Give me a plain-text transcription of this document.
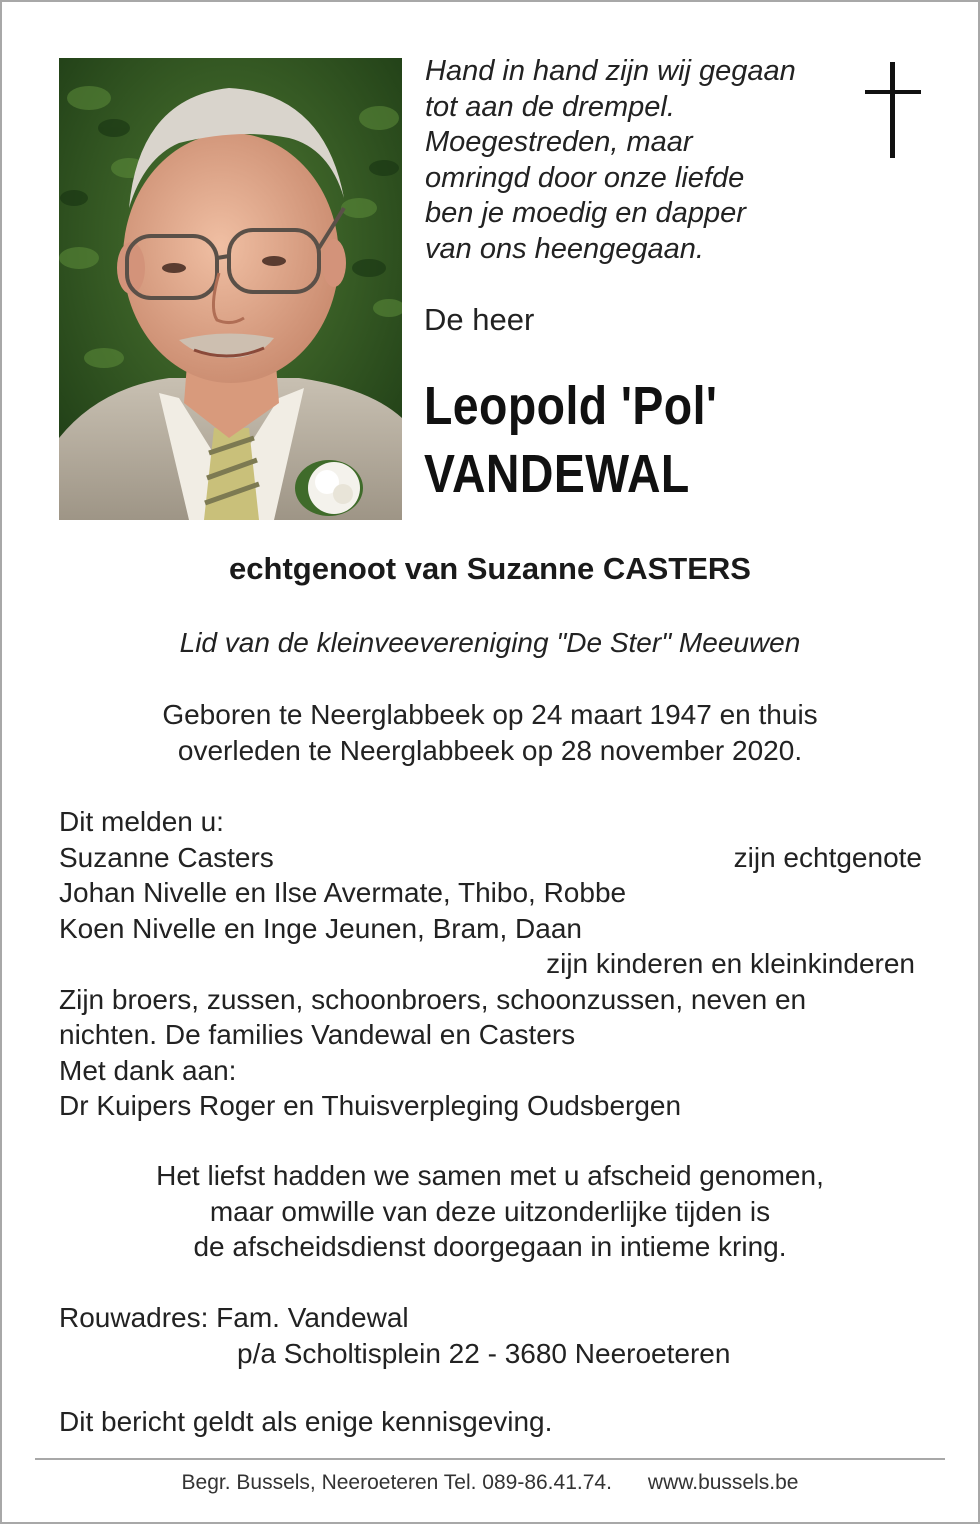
Hand in hand zijn wij gegaan
tot aan de drempel.
Moegestreden, maar
omringd door onze liefde
ben je moedig en dapper
van ons heengegaan.
De heer
Leopold 'Pol'
VANDEWAL
echtgenoot van Suzanne CASTERS
Lid van de kleinveevereniging "De Ster" Meeuwen
Geboren te Neerglabbeek op 24 maart 1947 en thuis
overleden te Neerglabbeek op 28 november 2020.
Dit melden u:
Suzanne Casters	zijn echtgenote
Johan Nivelle en Ilse Avermate, Thibo, Robbe
Koen Nivelle en Inge Jeunen, Bram, Daan
zijn kinderen en kleinkinderen
Zijn broers, zussen, schoonbroers, schoonzussen, neven en
nichten. De families Vandewal en Casters
Met dank aan:
Dr Kuipers Roger en Thuisverpleging Oudsbergen
Het liefst hadden we samen met u afscheid genomen,
maar omwille van deze uitzonderlijke tijden is
de afscheidsdienst doorgegaan in intieme kring.
Rouwadres: Fam. Vandewal
p/a Scholtisplein 22 - 3680 Neeroeteren
Dit bericht geldt als enige kennisgeving.
Begr. Bussels, Neeroeteren Tel. 089-86.41.74. www.bussels.be
